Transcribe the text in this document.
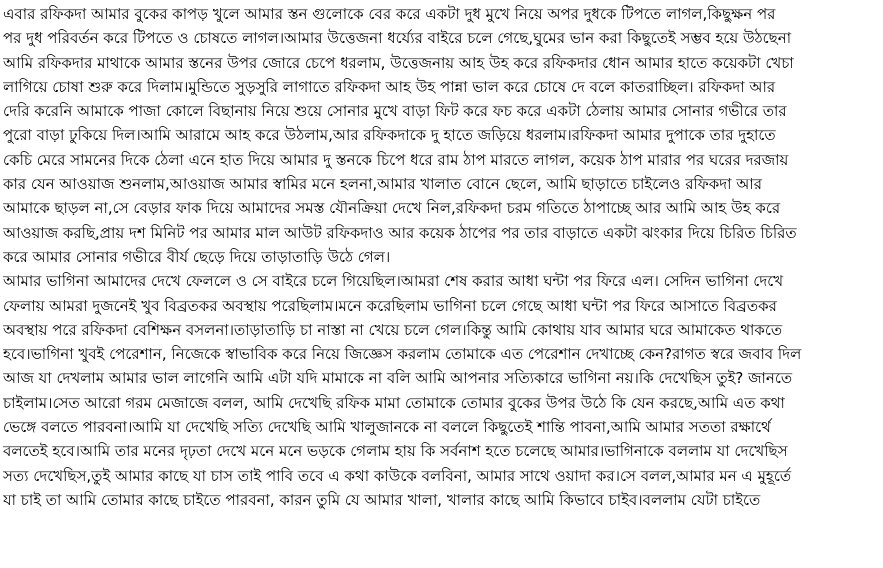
এবার রফিকদা আমার বুকের কাপড় খুলে আমার স্তন গুলোকে বের করে একটা দুধ মুখে নিয়ে অপর দুধকে টিপতে লাগল,কিছুক্ষন পর
পর দুধ পরিবর্তন করে টিপতে ও চোষতে লাগল।আমার উত্তেজনা ধর্য্যের বাইরে চলে গেছে,ঘুমের ভান করা কিছুতেই সম্ভব হয়ে উঠছেনা
আমি রফিকদার মাথাকে আমার স্তনের উপর জোরে চেপে ধরলাম, উত্তেজনায় আহ উহ করে রফিকদার ধোন আমার হাতে কয়েকটা খেচা
লাগিয়ে চোষা শুরু করে দিলাম।মুন্ডিতে সুড়সুরি লাগাতে রফিকদা আহ উহ পান্না ভাল করে চোষে দে বলে কাতরাচ্ছিল। রফিকদা আর
দেরি করেনি আমাকে পাজা কোলে বিছানায় নিয়ে শুয়ে সোনার মুখে বাড়া ফিট করে ফচ করে একটা ঠেলায় আমার সোনার গভীরে তার
পুরো বাড়া ঢুকিয়ে দিল।আমি আরামে আহ করে উঠলাম,আর রফিকদাকে দু হাতে জড়িয়ে ধরলাম।রফিকদা আমার দুপাকে তার দুহাতে
কেচি মেরে সামনের দিকে ঠেলা এনে হাত দিয়ে আমার দু স্তনকে চিপে ধরে রাম ঠাপ মারতে লাগল, কয়েক ঠাপ মারার পর ঘরের দরজায়
কার যেন আওয়াজ শুনলাম,আওয়াজ আমার স্বামির মনে হলনা,আমার খালাত বোনে ছেলে, আমি ছাড়াতে চাইলেও রফিকদা আর
আমাকে ছাড়ল না,সে বেড়ার ফাক দিয়ে আমাদের সমস্ত যৌনক্রিয়া দেখে নিল,রফিকদা চরম গতিতে ঠাপাচ্ছে আর আমি আহ উহ করে
আওয়াজ করছি,প্রায় দশ মিনিট পর আমার মাল আউট রফিকদাও আর কয়েক ঠাপের পর তার বাড়াতে একটা ঝংকার দিয়ে চিরিত চিরিত
করে আমার সোনার গভীরে বীর্য ছেড়ে দিয়ে তাড়াতাড়ি উঠে গেল।
আমার ভাগিনা আমাদের দেখে ফেললে ও সে বাইরে চলে গিয়েছিল।আমরা শেষ করার আধা ঘন্টা পর ফিরে এল। সেদিন ভাগিনা দেখে
ফেলায় আমরা দুজনেই খুব বিব্রতকর অবস্থায় পরেছিলাম।মনে করেছিলাম ভাগিনা চলে গেছে আধা ঘন্টা পর ফিরে আসাতে বিব্রতকর
অবস্থায় পরে রফিকদা বেশিক্ষন বসলনা।তাড়াতাড়ি চা নাস্তা না খেয়ে চলে গেল।কিন্তু আমি কোথায় যাব আমার ঘরে আমাকেত থাকতে
হবে।ভাগিনা খুবই পেরেশান, নিজেকে স্বাভাবিক করে নিয়ে জিজ্ঞেস করলাম তোমাকে এত পেরেশান দেখাচ্ছে কেন?রাগত স্বরে জবাব দিল
আজ যা দেখলাম আমার ভাল লাগেনি আমি এটা যদি মামাকে না বলি আমি আপনার সত্যিকারে ভাগিনা নয়।কি দেখেছিস তুই? জানতে
চাইলাম।সেত আরো গরম মেজাজে বলল, আমি দেখেছি রফিক মামা তোমাকে তোমার বুকের উপর উঠে কি যেন করছে,আমি এত কথা
ভেঙ্গে বলতে পারবনা।আমি যা দেখেছি সত্যি দেখেছি আমি খালুজানকে না বললে কিছুতেই শান্তি পাবনা,আমি আমার সততা রক্ষার্থে
বলতেই হবে।আমি তার মনের দৃঢ়তা দেখে মনে মনে ভড়কে গেলাম হায় কি সর্বনাশ হতে চলেছে আমার।ভাগিনাকে বললাম যা দেখেছিস
সত্য দেখেছিস,তুই আমার কাছে যা চাস তাই পাবি তবে এ কথা কাউকে বলবিনা, আমার সাথে ওয়াদা কর।সে বলল,আমার মন এ মুহূর্তে
যা চাই তা আমি তোমার কাছে চাইতে পারবনা, কারন তুমি যে আমার খালা, খালার কাছে আমি কিভাবে চাইব।বললাম যেটা চাইতে
